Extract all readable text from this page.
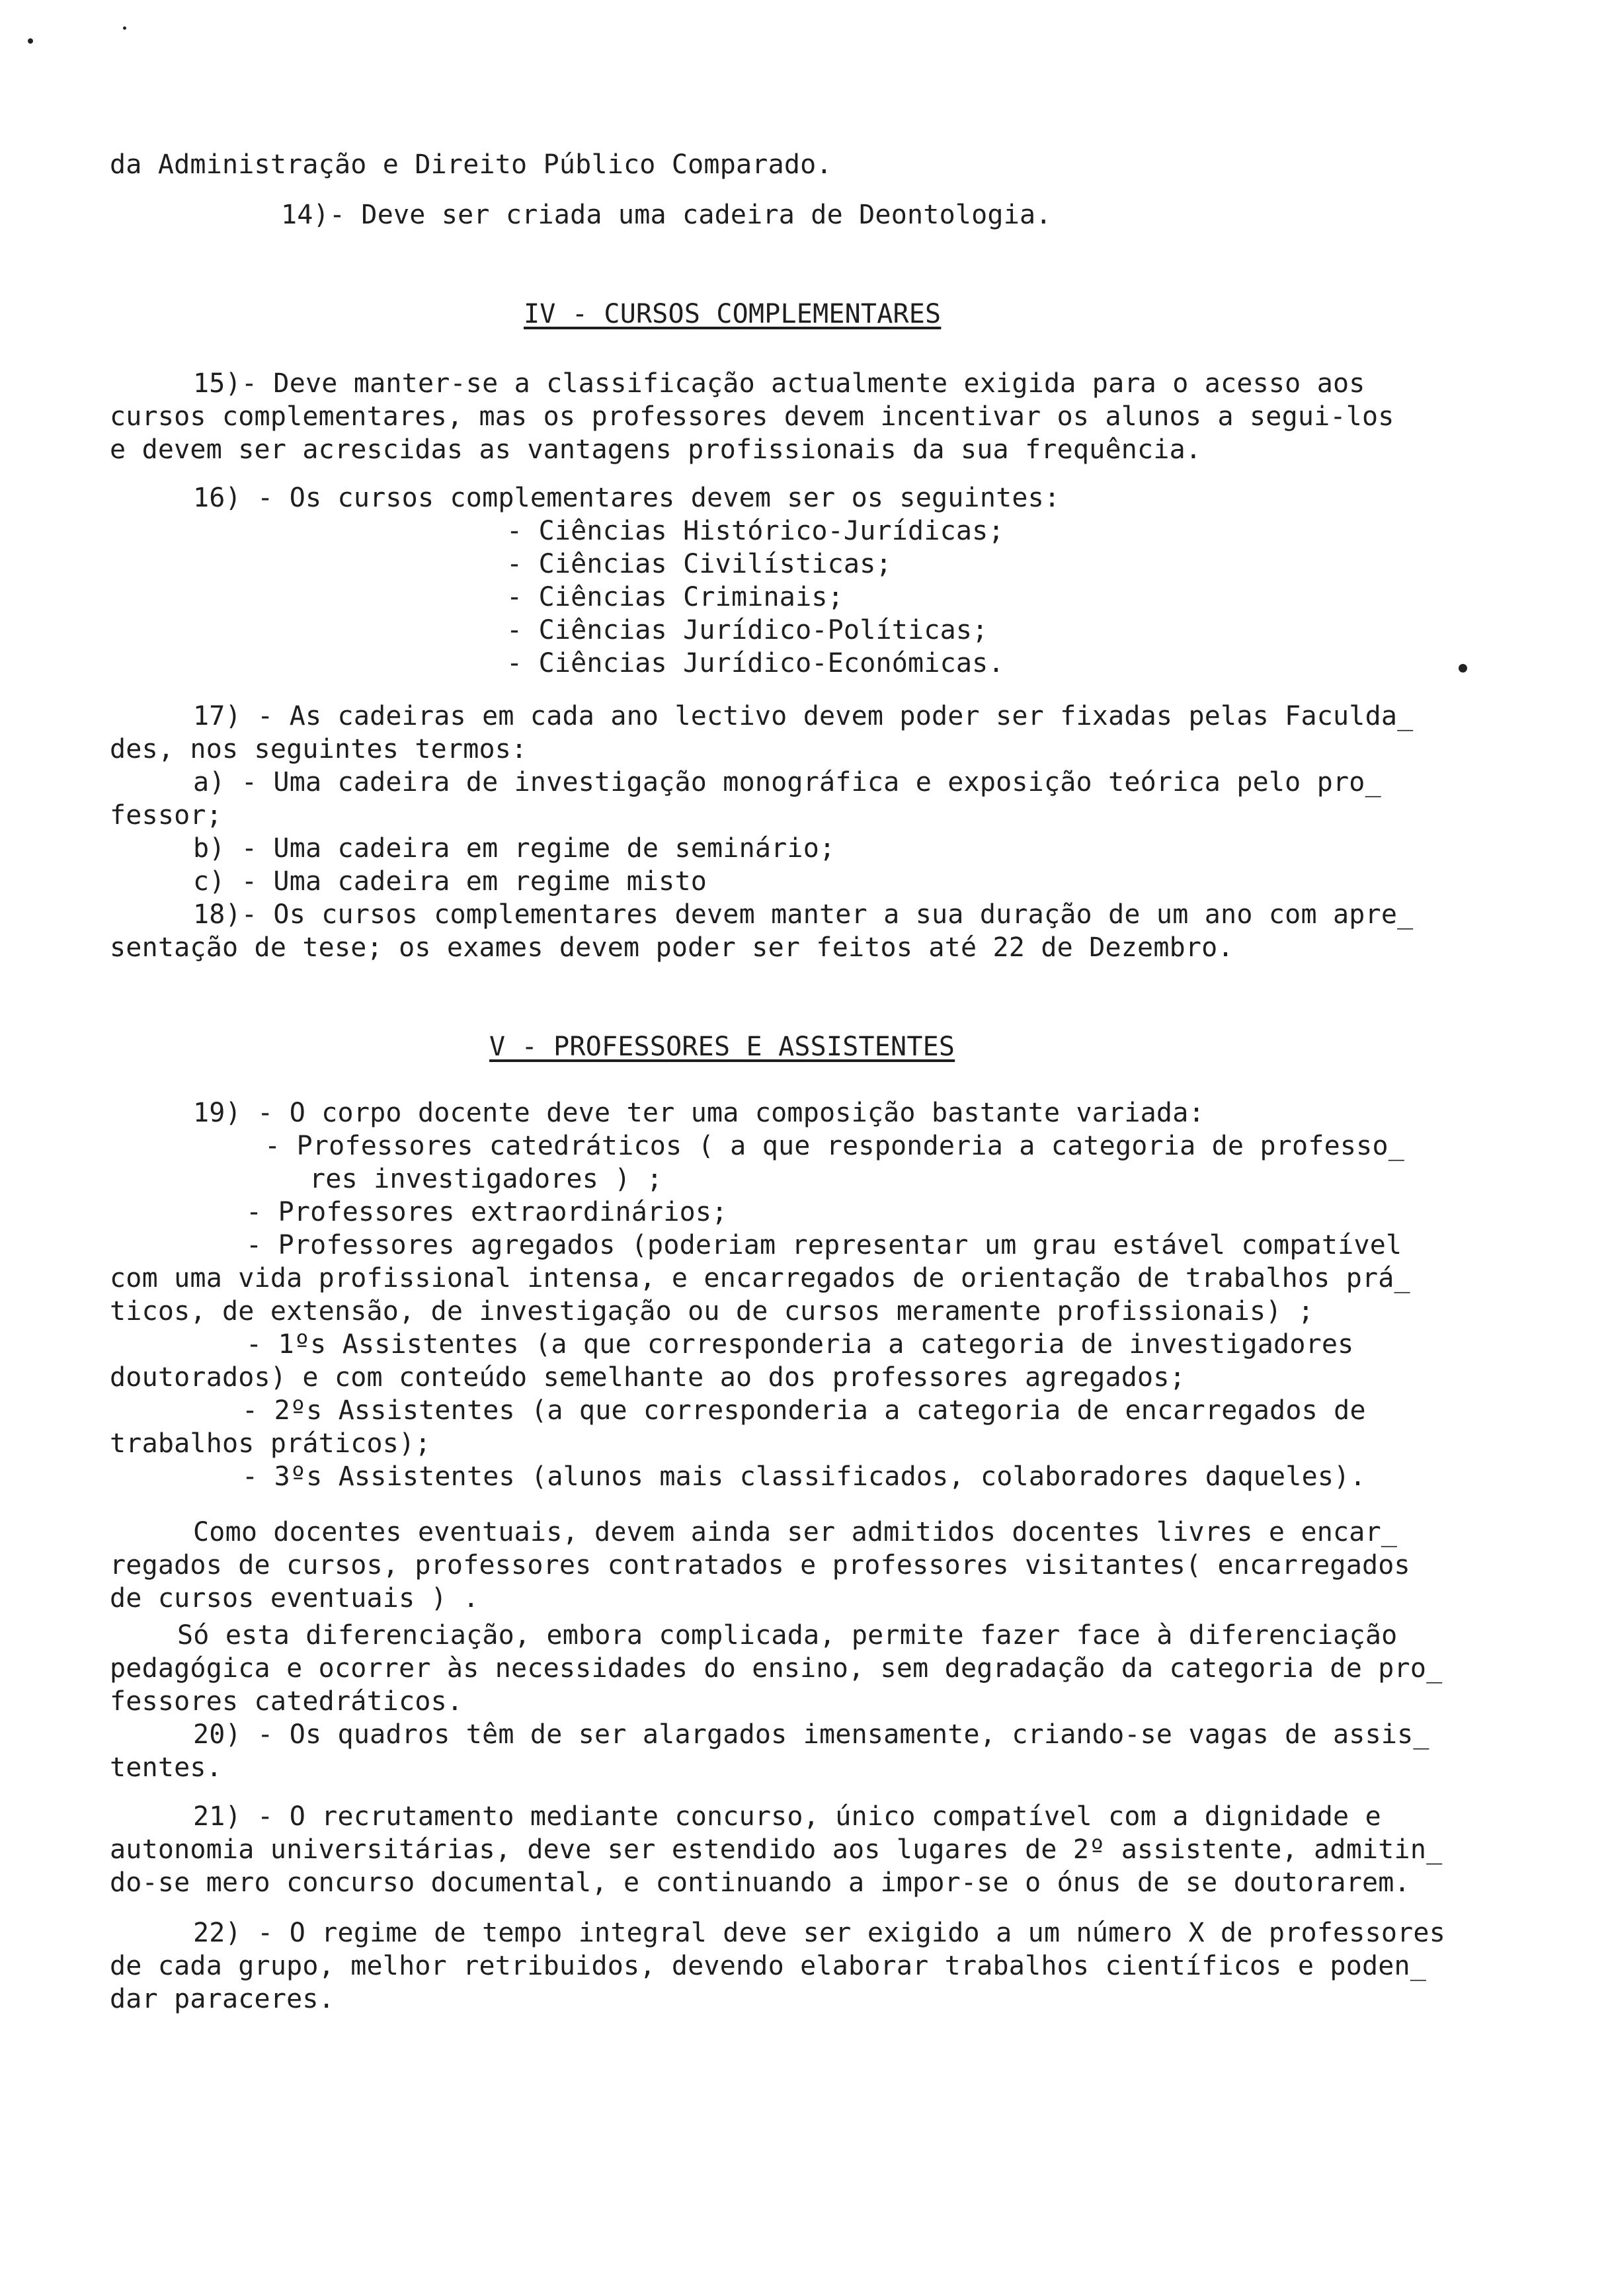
da Administração e Direito Público Comparado.
14)- Deve ser criada uma cadeira de Deontologia.
IV - CURSOS COMPLEMENTARES
15)- Deve manter-se a classificação actualmente exigida para o acesso aos
cursos complementares, mas os professores devem incentivar os alunos a segui-los
e devem ser acrescidas as vantagens profissionais da sua frequência.
16) - Os cursos complementares devem ser os seguintes:
- Ciências Histórico-Jurídicas;
- Ciências Civilísticas;
- Ciências Criminais;
- Ciências Jurídico-Políticas;
- Ciências Jurídico-Económicas.
17) - As cadeiras em cada ano lectivo devem poder ser fixadas pelas Faculda_
des, nos seguintes termos:
a) - Uma cadeira de investigação monográfica e exposição teórica pelo pro_
fessor;
b) - Uma cadeira em regime de seminário;
c) - Uma cadeira em regime misto
18)- Os cursos complementares devem manter a sua duração de um ano com apre_
sentação de tese; os exames devem poder ser feitos até 22 de Dezembro.
V - PROFESSORES E ASSISTENTES
19) - O corpo docente deve ter uma composição bastante variada:
- Professores catedráticos ( a que responderia a categoria de professo_
res investigadores ) ;
- Professores extraordinários;
- Professores agregados (poderiam representar um grau estável compatível
com uma vida profissional intensa, e encarregados de orientação de trabalhos prá_
ticos, de extensão, de investigação ou de cursos meramente profissionais) ;
- 1ºs Assistentes (a que corresponderia a categoria de investigadores
doutorados) e com conteúdo semelhante ao dos professores agregados;
- 2ºs Assistentes (a que corresponderia a categoria de encarregados de
trabalhos práticos);
- 3ºs Assistentes (alunos mais classificados, colaboradores daqueles).
Como docentes eventuais, devem ainda ser admitidos docentes livres e encar_
regados de cursos, professores contratados e professores visitantes( encarregados
de cursos eventuais ) .
Só esta diferenciação, embora complicada, permite fazer face à diferenciação
pedagógica e ocorrer às necessidades do ensino, sem degradação da categoria de pro_
fessores catedráticos.
20) - Os quadros têm de ser alargados imensamente, criando-se vagas de assis_
tentes.
21) - O recrutamento mediante concurso, único compatível com a dignidade e
autonomia universitárias, deve ser estendido aos lugares de 2º assistente, admitin_
do-se mero concurso documental, e continuando a impor-se o ónus de se doutorarem.
22) - O regime de tempo integral deve ser exigido a um número X de professores
de cada grupo, melhor retribuidos, devendo elaborar trabalhos científicos e poden_
dar paraceres.
